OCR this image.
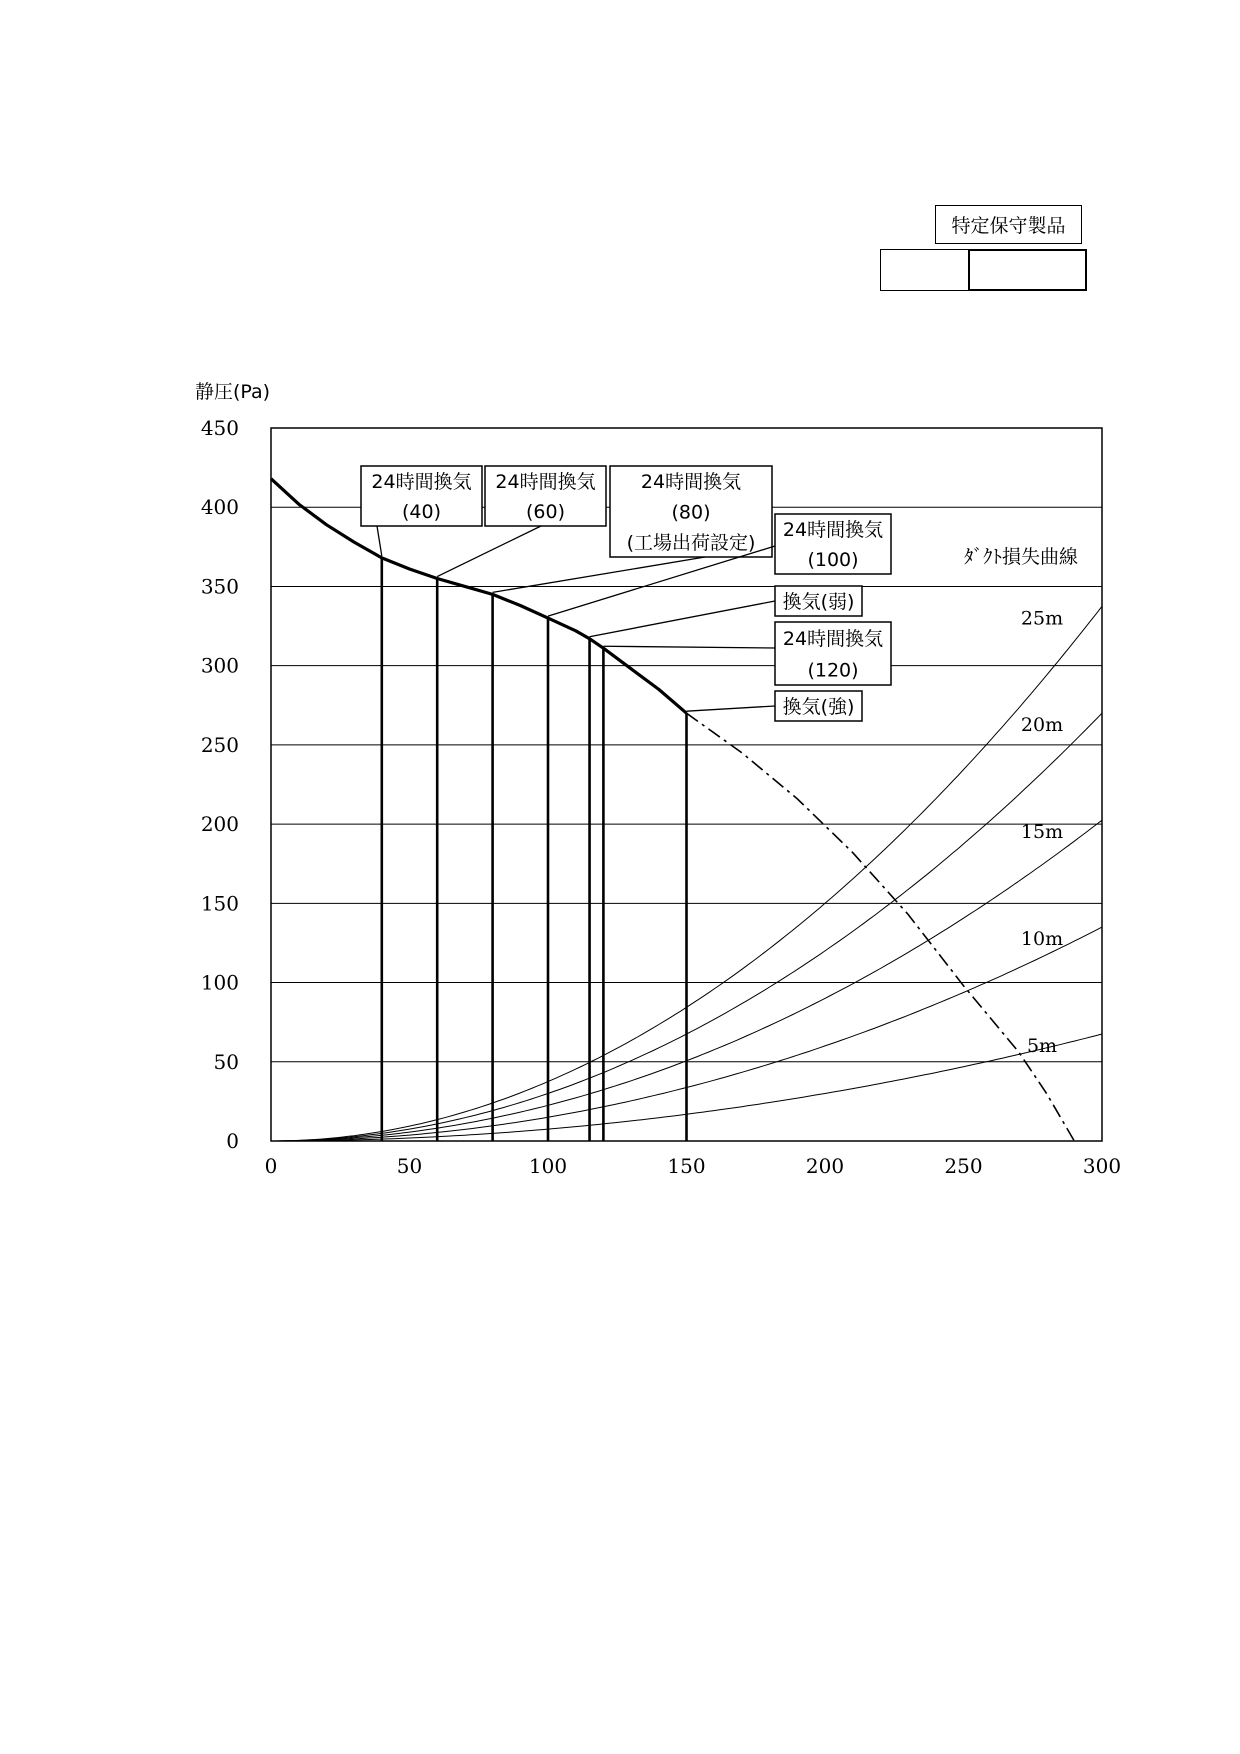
特定保守製品
静圧(Pa)
ﾀﾞｸﾄ損失曲線
24時間換気
(40)
24時間換気
(60)
24時間換気
(80)
(工場出荷設定)
24時間換気
(100)
換気(弱)
24時間換気
(120)
換気(強)
0	50	100	150	200	250	300
0
50
100
150
200
250
300
350
400
450
25m
20m
15m
10m
5m
